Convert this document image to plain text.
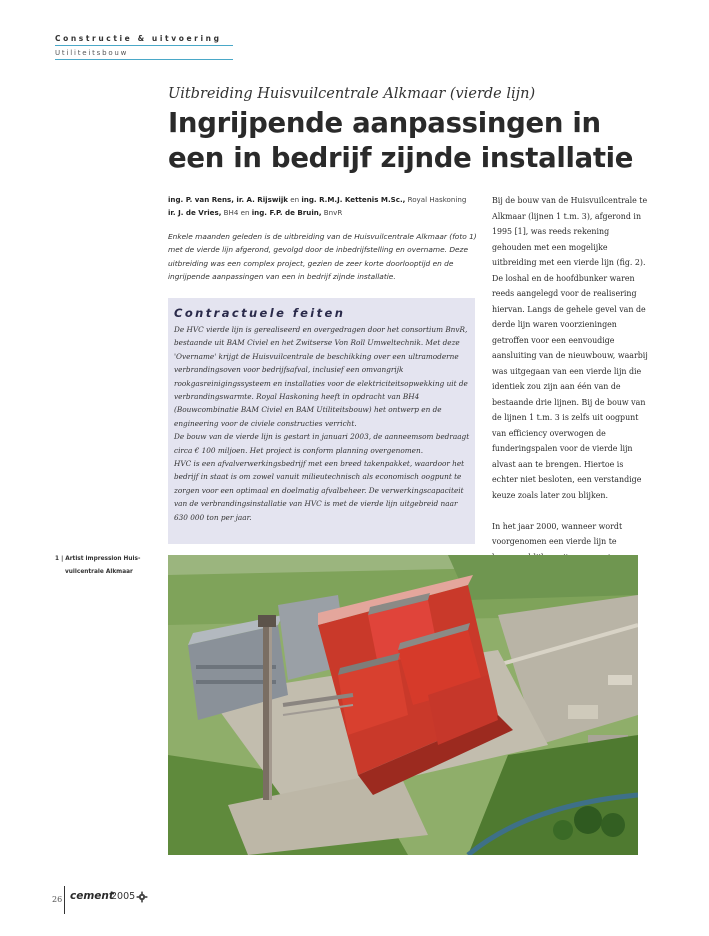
Constructie & uitvoering
Utiliteitsbouw
Uitbreiding Huisvuilcentrale Alkmaar (vierde lijn)
Ingrijpende aanpassingen in
een in bedrijf zijnde installatie
ing. P. van Rens, ir. A. Rijswijk en ing. R.M.J. Kettenis M.Sc., Royal Haskoning
ir. J. de Vries, BH4 en ing. F.P. de Bruin, BnvR
Enkele maanden geleden is de uitbreiding van de Huisvuilcentrale Alkmaar (foto 1) met de vierde lijn afgerond, gevolgd door de inbedrijfstelling en overname. Deze uitbreiding was een complex project, gezien de zeer korte doorlooptijd en de ingrijpende aanpassingen van een in bedrijf zijnde installatie.
Contractuele feiten

De HVC vierde lijn is gerealiseerd en overgedragen door het consortium BnvR, bestaande uit BAM Civiel en het Zwitserse Von Roll Umweltechnik. Met deze 'Overname' krijgt de Huisvuilcentrale de beschikking over een ultramoderne verbrandingsoven voor bedrijfsafval, inclusief een omvangrijk rookgasreinigingssysteem en installaties voor de elektriciteitsopwekking uit de verbrandingswarmte. Royal Haskoning heeft in opdracht van BH4 (Bouwcombinatie BAM Civiel en BAM Utiliteitsbouw) het ontwerp en de engineering voor de civiele constructies verricht.

De bouw van de vierde lijn is gestart in januari 2003, de aanneemsom bedraagt circa € 100 miljoen. Het project is conform planning overgenomen.

HVC is een afvalverwerkingsbedrijf met een breed takenpakket, waardoor het bedrijf in staat is om zowel vanuit milieutechnisch als economisch oogpunt te zorgen voor een optimaal en doelmatig afvalbeheer. De verwerkingscapaciteit van de verbrandingsinstallatie van HVC is met de vierde lijn uitgebreid naar 630 000 ton per jaar.

Bij de bouw van de Huisvuilcentrale te Alkmaar (lijnen 1 t.m. 3), afgerond in 1995 [1], was reeds rekening gehouden met een mogelijke uitbreiding met een vierde lijn (fig. 2). De loshal en de hoofdbunker waren reeds aangelegd voor de realisering hiervan. Langs de gehele gevel van de derde lijn waren voorzieningen getroffen voor een eenvoudige aansluiting van de nieuwbouw, waarbij was uitgegaan van een vierde lijn die identiek zou zijn aan één van de bestaande drie lijnen. Bij de bouw van de lijnen 1 t.m. 3 is zelfs uit oogpunt van efficiency overwogen de funderingspalen voor de vierde lijn alvast aan te brengen. Hiertoe is echter niet besloten, een verstandige keuze zoals later zou blijken.

In het jaar 2000, wanneer wordt voorgenomen een vierde lijn te

1 | Artist impression Huis-
vuilcentrale Alkmaar
26 cement
2005
